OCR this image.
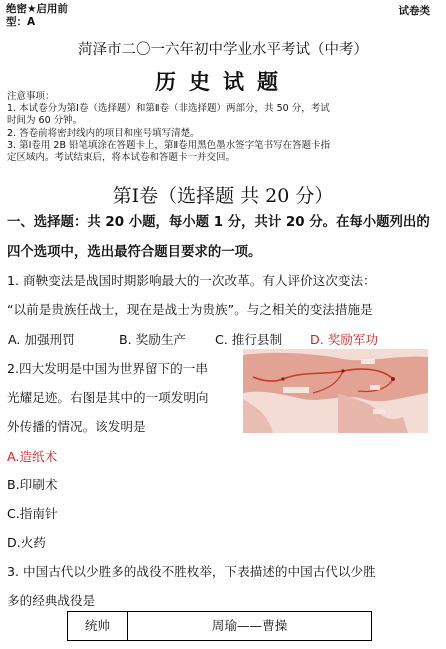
绝密★启用前
型：A
试卷类
菏泽市二〇一六年初中学业水平考试（中考）
历史试题
注意事项：
1. 本试卷分为第Ⅰ卷（选择题）和第Ⅱ卷（非选择题）两部分，共 50 分，考试
时间为 60 分钟。
2. 答卷前将密封线内的项目和座号填写清楚。
3. 第Ⅰ卷用 2B 铅笔填涂在答题卡上，第Ⅱ卷用黑色墨水签字笔书写在答题卡指
定区域内。考试结束后，将本试卷和答题卡一并交回。
第Ⅰ卷（选择题 共 20 分）
一、选择题：共 20 小题，每小题 1 分，共计 20 分。在每小题列出的
四个选项中，选出最符合题目要求的一项。
1. 商鞅变法是战国时期影响最大的一次改革。有人评价这次变法：
“以前是贵族任战士，现在是战士为贵族”。与之相关的变法措施是
A. 加强刑罚	B. 奖励生产 C. 推行县制 D. 奖励军功
2.四大发明是中国为世界留下的一串
光耀足迹。右图是其中的一项发明向
外传播的情况。该发明是
A.造纸术
B.印刷术
C.指南针
D.火药
3. 中国古代以少胜多的战役不胜枚举，下表描述的中国古代以少胜
多的经典战役是
统帅	周瑜——曹操
